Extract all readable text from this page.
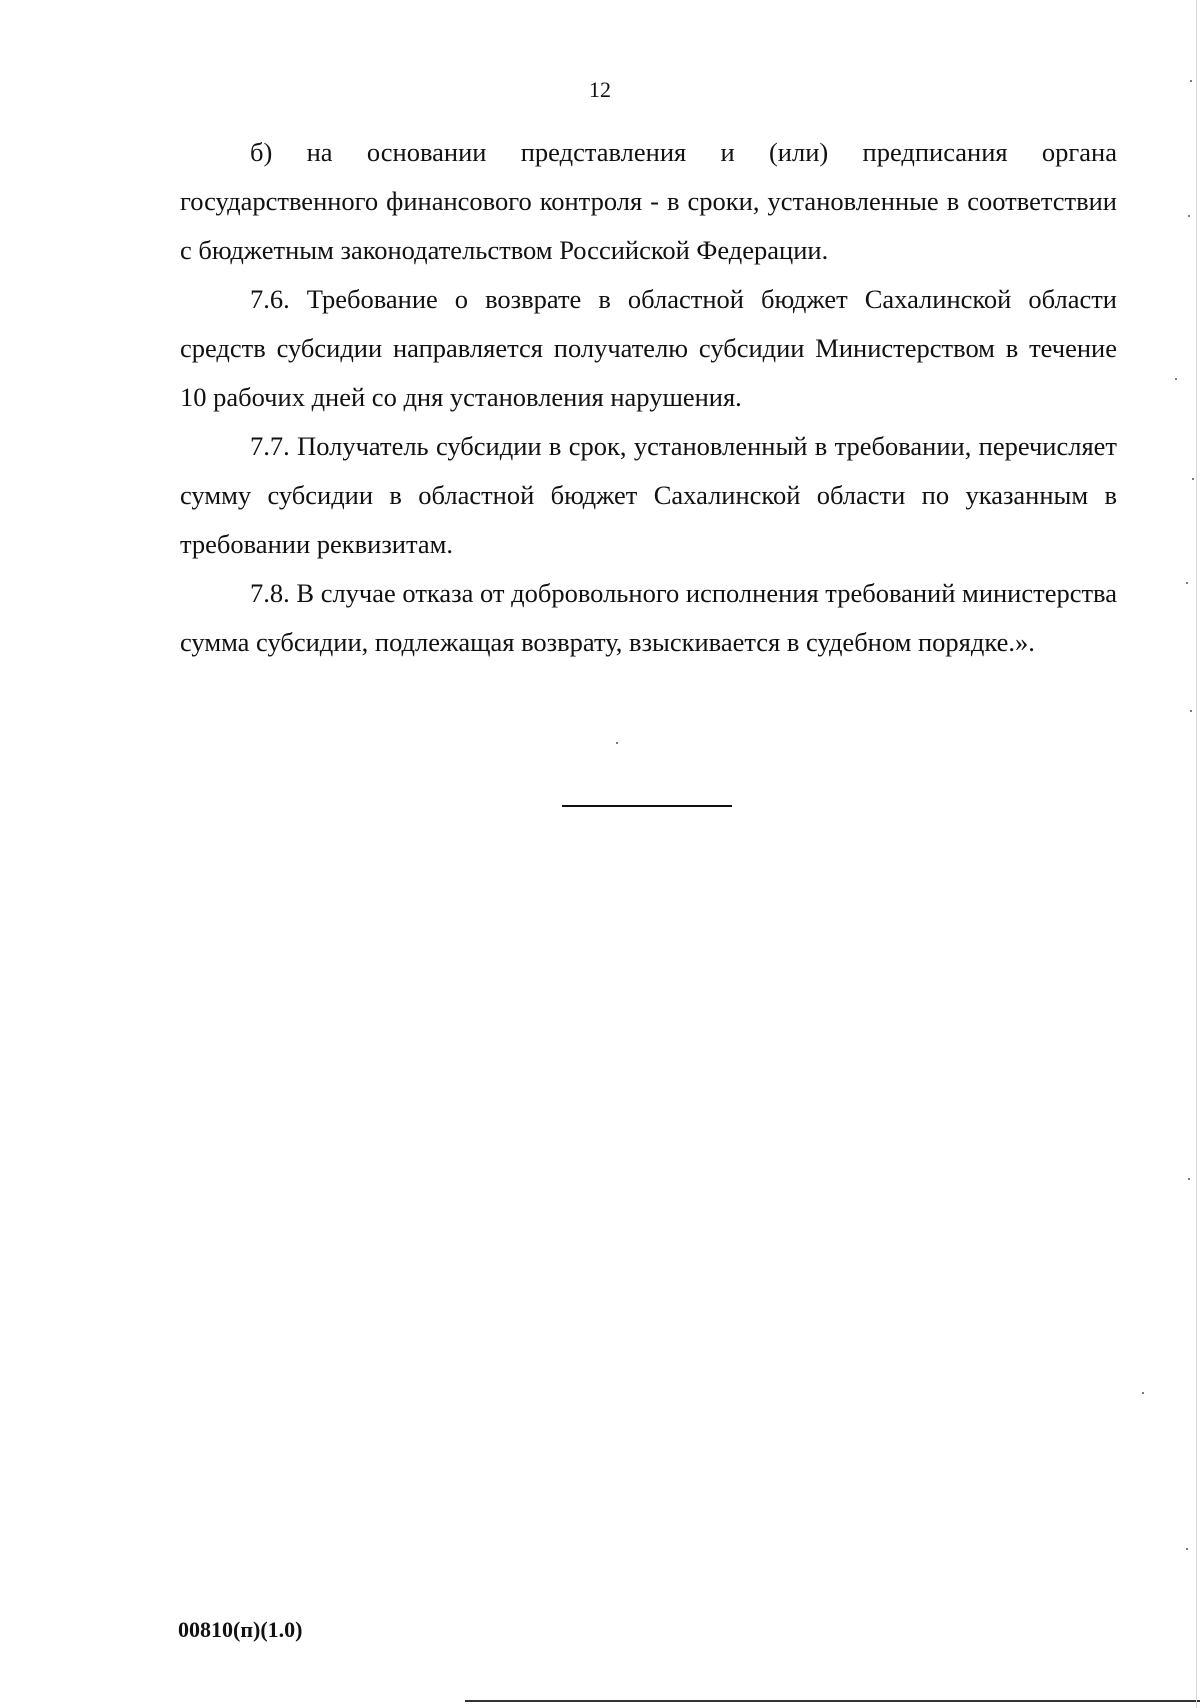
12

б) на основании представления и (или) предписания органа государственного финансового контроля - в сроки, установленные в соответствии с бюджетным законодательством Российской Федерации.

7.6. Требование о возврате в областной бюджет Сахалинской области средств субсидии направляется получателю субсидии Министерством в течение 10 рабочих дней со дня установления нарушения.

7.7. Получатель субсидии в срок, установленный в требовании, перечисляет сумму субсидии в областной бюджет Сахалинской области по указанным в требовании реквизитам.

7.8. В случае отказа от добровольного исполнения требований министерства сумма субсидии, подлежащая возврату, взыскивается в судебном порядке.».

00810(п)(1.0)
